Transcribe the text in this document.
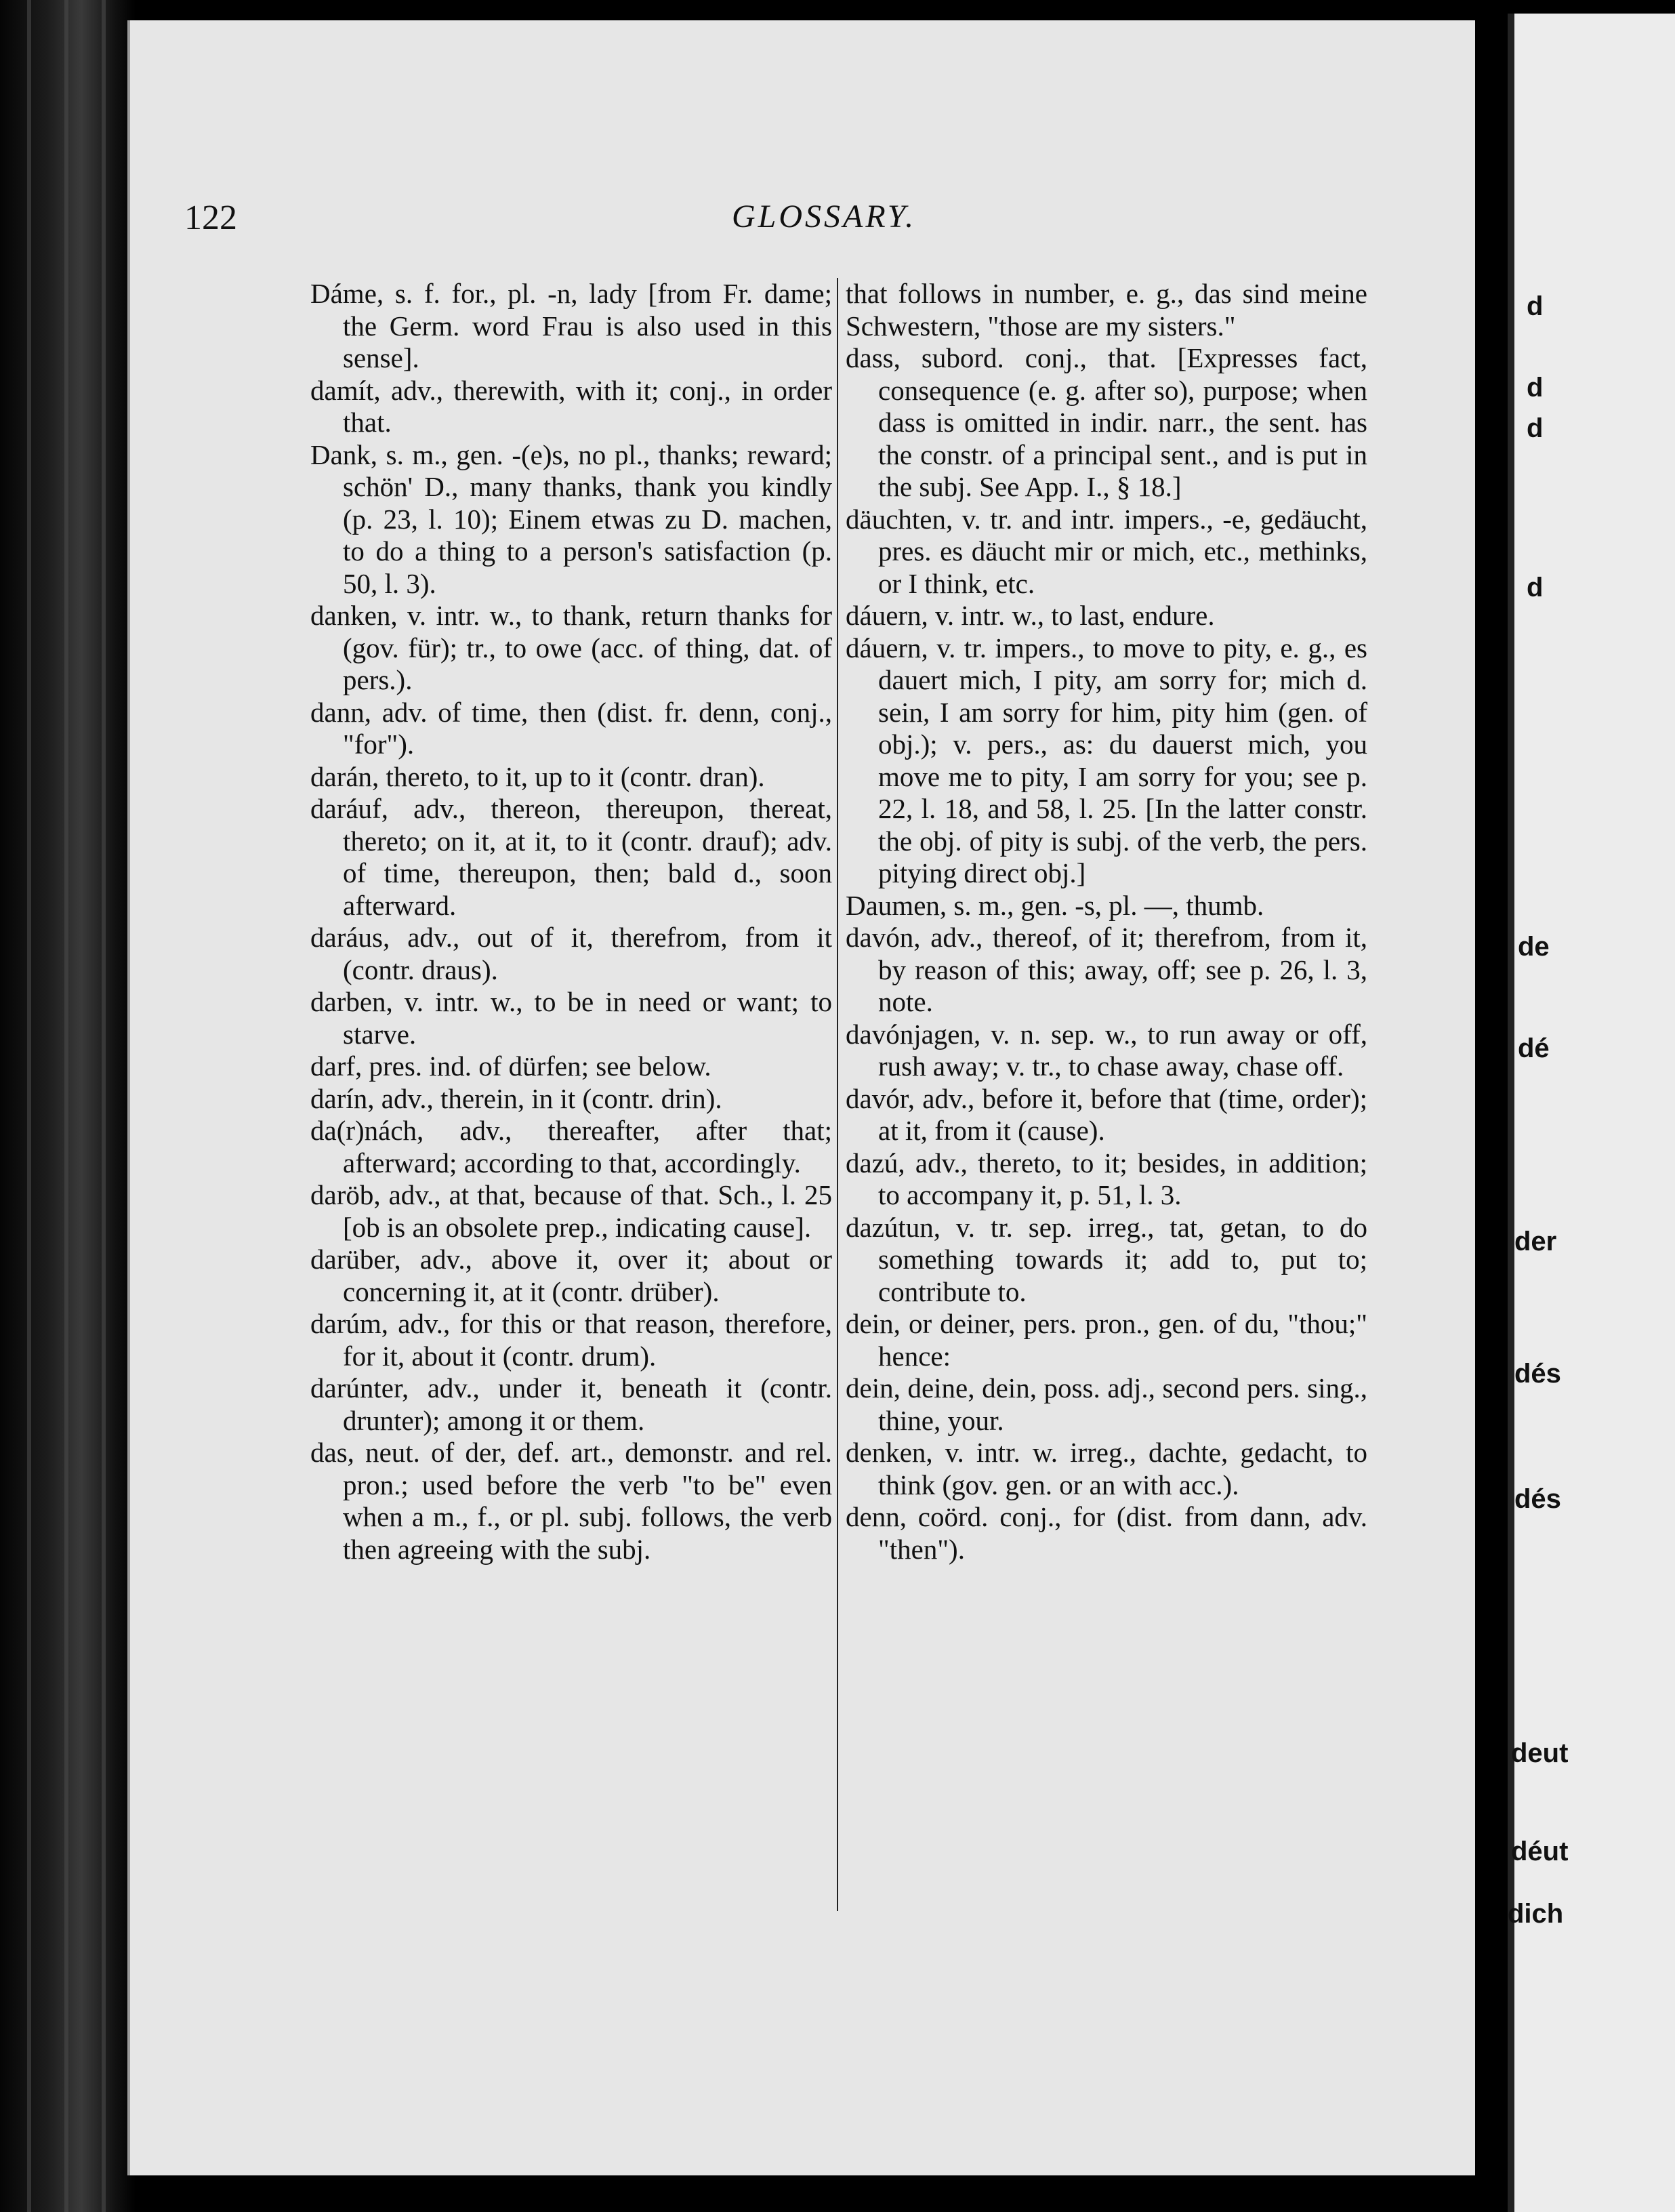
d
d
d
d
de
dé
der
dés
dés
deut
déut
dich
122	GLOSSARY.
Dáme, s. f. for., pl. -n, lady [from Fr. dame; the Germ. word Frau is also used in this sense].
damít, adv., therewith, with it; conj., in order that.
Dank, s. m., gen. -(e)s, no pl., thanks; reward; schön' D., many thanks, thank you kindly (p. 23, l. 10); Einem etwas zu D. machen, to do a thing to a person's satisfaction (p. 50, l. 3).
danken, v. intr. w., to thank, return thanks for (gov. für); tr., to owe (acc. of thing, dat. of pers.).
dann, adv. of time, then (dist. fr. denn, conj., "for").
darán, thereto, to it, up to it (contr. dran).
daráuf, adv., thereon, thereupon, thereat, thereto; on it, at it, to it (contr. drauf); adv. of time, thereupon, then; bald d., soon afterward.
daráus, adv., out of it, therefrom, from it (contr. draus).
darben, v. intr. w., to be in need or want; to starve.
darf, pres. ind. of dürfen; see below.
darín, adv., therein, in it (contr. drin).
da(r)nách, adv., thereafter, after that; afterward; according to that, accordingly.
daröb, adv., at that, because of that. Sch., l. 25 [ob is an obsolete prep., indicating cause].
darüber, adv., above it, over it; about or concerning it, at it (contr. drüber).
darúm, adv., for this or that reason, therefore, for it, about it (contr. drum).
darúnter, adv., under it, beneath it (contr. drunter); among it or them.
das, neut. of der, def. art., demonstr. and rel. pron.; used before the verb "to be" even when a m., f., or pl. subj. follows, the verb then agreeing with the subj.
that follows in number, e. g., das sind meine Schwestern, "those are my sisters."
dass, subord. conj., that. [Expresses fact, consequence (e. g. after so), purpose; when dass is omitted in indir. narr., the sent. has the constr. of a principal sent., and is put in the subj. See App. I., § 18.]
däuchten, v. tr. and intr. impers., -e, gedäucht, pres. es däucht mir or mich, etc., methinks, or I think, etc.
dáuern, v. intr. w., to last, endure.
dáuern, v. tr. impers., to move to pity, e. g., es dauert mich, I pity, am sorry for; mich d. sein, I am sorry for him, pity him (gen. of obj.); v. pers., as: du dauerst mich, you move me to pity, I am sorry for you; see p. 22, l. 18, and 58, l. 25. [In the latter constr. the obj. of pity is subj. of the verb, the pers. pitying direct obj.]
Daumen, s. m., gen. -s, pl. —, thumb.
davón, adv., thereof, of it; therefrom, from it, by reason of this; away, off; see p. 26, l. 3, note.
davónjagen, v. n. sep. w., to run away or off, rush away; v. tr., to chase away, chase off.
davór, adv., before it, before that (time, order); at it, from it (cause).
dazú, adv., thereto, to it; besides, in addition; to accompany it, p. 51, l. 3.
dazútun, v. tr. sep. irreg., tat, getan, to do something towards it; add to, put to; contribute to.
dein, or deiner, pers. pron., gen. of du, "thou;" hence:
dein, deine, dein, poss. adj., second pers. sing., thine, your.
denken, v. intr. w. irreg., dachte, gedacht, to think (gov. gen. or an with acc.).
denn, coörd. conj., for (dist. from dann, adv. "then").
